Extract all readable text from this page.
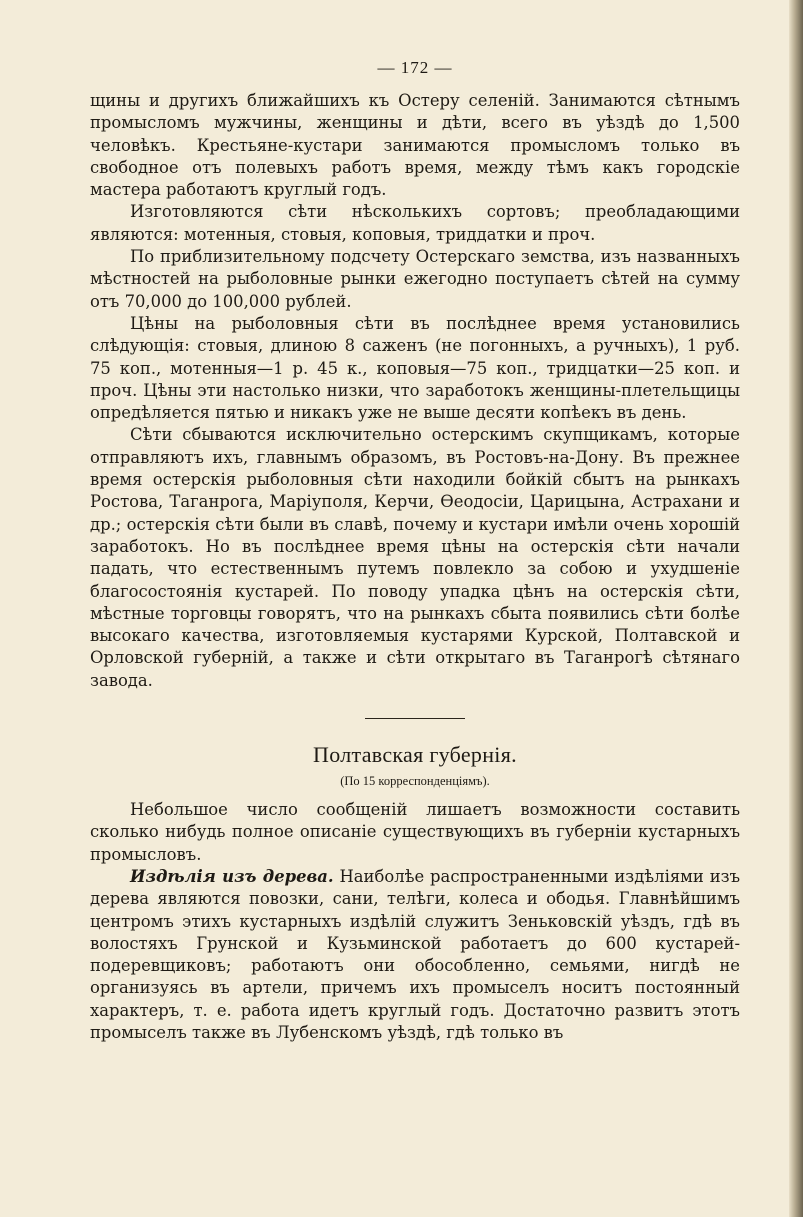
— 172 —

щины и другихъ ближайшихъ къ Остеру селеній. Занимаются сѣтнымъ промысломъ мужчины, женщины и дѣти, всего въ уѣздѣ до 1,500 человѣкъ. Крестьяне-кустари занимаются промысломъ только въ свободное отъ полевыхъ работъ время, между тѣмъ какъ городскіе мастера работаютъ круглый годъ.

Изготовляются сѣти нѣсколькихъ сортовъ; преобладающими являются: мотенныя, стовыя, коповыя, триддатки и проч.

По приблизительному подсчету Остерскаго земства, изъ названныхъ мѣстностей на рыболовные рынки ежегодно поступаетъ сѣтей на сумму отъ 70,000 до 100,000 рублей.

Цѣны на рыболовныя сѣти въ послѣднее время установились слѣдующія: стовыя, длиною 8 саженъ (не погонныхъ, а ручныхъ), 1 руб. 75 коп., мотенныя—1 р. 45 к., коповыя—75 коп., тридцатки—25 коп. и проч. Цѣны эти настолько низки, что заработокъ женщины-плетельщицы опредѣляется пятью и никакъ уже не выше десяти копѣекъ въ день.

Сѣти сбываются исключительно остерскимъ скупщикамъ, которые отправляютъ ихъ, главнымъ образомъ, въ Ростовъ-на-Дону. Въ прежнее время остерскія рыболовныя сѣти находили бойкій сбытъ на рынкахъ Ростова, Таганрога, Маріуполя, Керчи, Ѳеодосіи, Царицына, Астрахани и др.; остерскія сѣти были въ славѣ, почему и кустари имѣли очень хорошій заработокъ. Но въ послѣднее время цѣны на остерскія сѣти начали падать, что естественнымъ путемъ повлекло за собою и ухудшеніе благосостоянія кустарей. По поводу упадка цѣнъ на остерскія сѣти, мѣстные торговцы говорятъ, что на рынкахъ сбыта появились сѣти болѣе высокаго качества, изготовляемыя кустарями Курской, Полтавской и Орловской губерній, а также и сѣти открытаго въ Таганрогѣ сѣтянаго завода.

Полтавская губернія.
(По 15 корреспонденціямъ).

Небольшое число сообщеній лишаетъ возможности составить сколько нибудь полное описаніе существующихъ въ губерніи кустарныхъ промысловъ.

Издѣлія изъ дерева. Наиболѣе распространенными издѣліями изъ дерева являются повозки, сани, телѣги, колеса и ободья. Главнѣйшимъ центромъ этихъ кустарныхъ издѣлій служитъ Зеньковскій уѣздъ, гдѣ въ волостяхъ Грунской и Кузьминской работаетъ до 600 кустарей-подеревщиковъ; работаютъ они обособленно, семьями, нигдѣ не организуясь въ артели, причемъ ихъ промыселъ носитъ постоянный характеръ, т. е. работа идетъ круглый годъ. Достаточно развитъ этотъ промыселъ также въ Лубенскомъ уѣздѣ, гдѣ только въ
